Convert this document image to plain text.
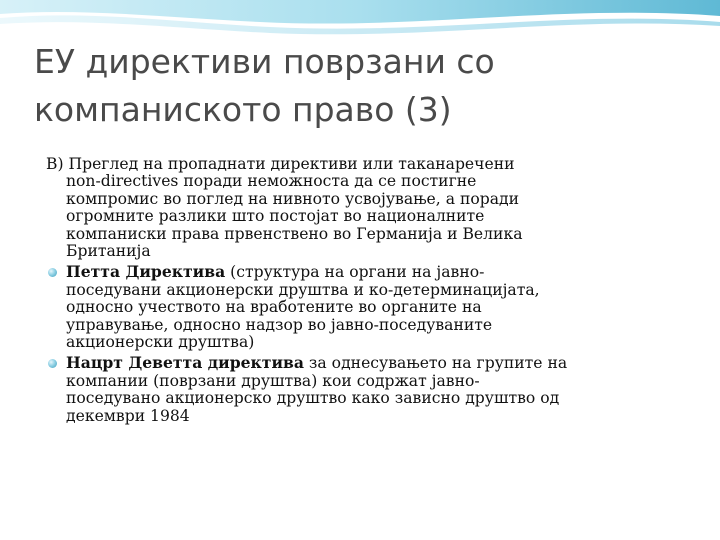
ЕУ директиви поврзани со
компаниското право (3)
В) Преглед на пропаднати директиви или таканаречени
non-directives поради неможноста да се постигне
компромис во поглед на нивното усвојување, а поради
огромните разлики што постојат во националните
компаниски права првенствено во Германија и Велика
Британија
Петта Директива (структура на органи на јавно-
поседувани акционерски друштва и ко-детерминацијата,
односно учеството на вработените во органите на
управување, односно надзор во јавно-поседуваните
акционерски друштва)
Нацрт Деветта директива за однесувањето на групите на
компании (поврзани друштва) кои содржат јавно-
поседувано акционерско друштво како зависно друштво од
декември 1984
